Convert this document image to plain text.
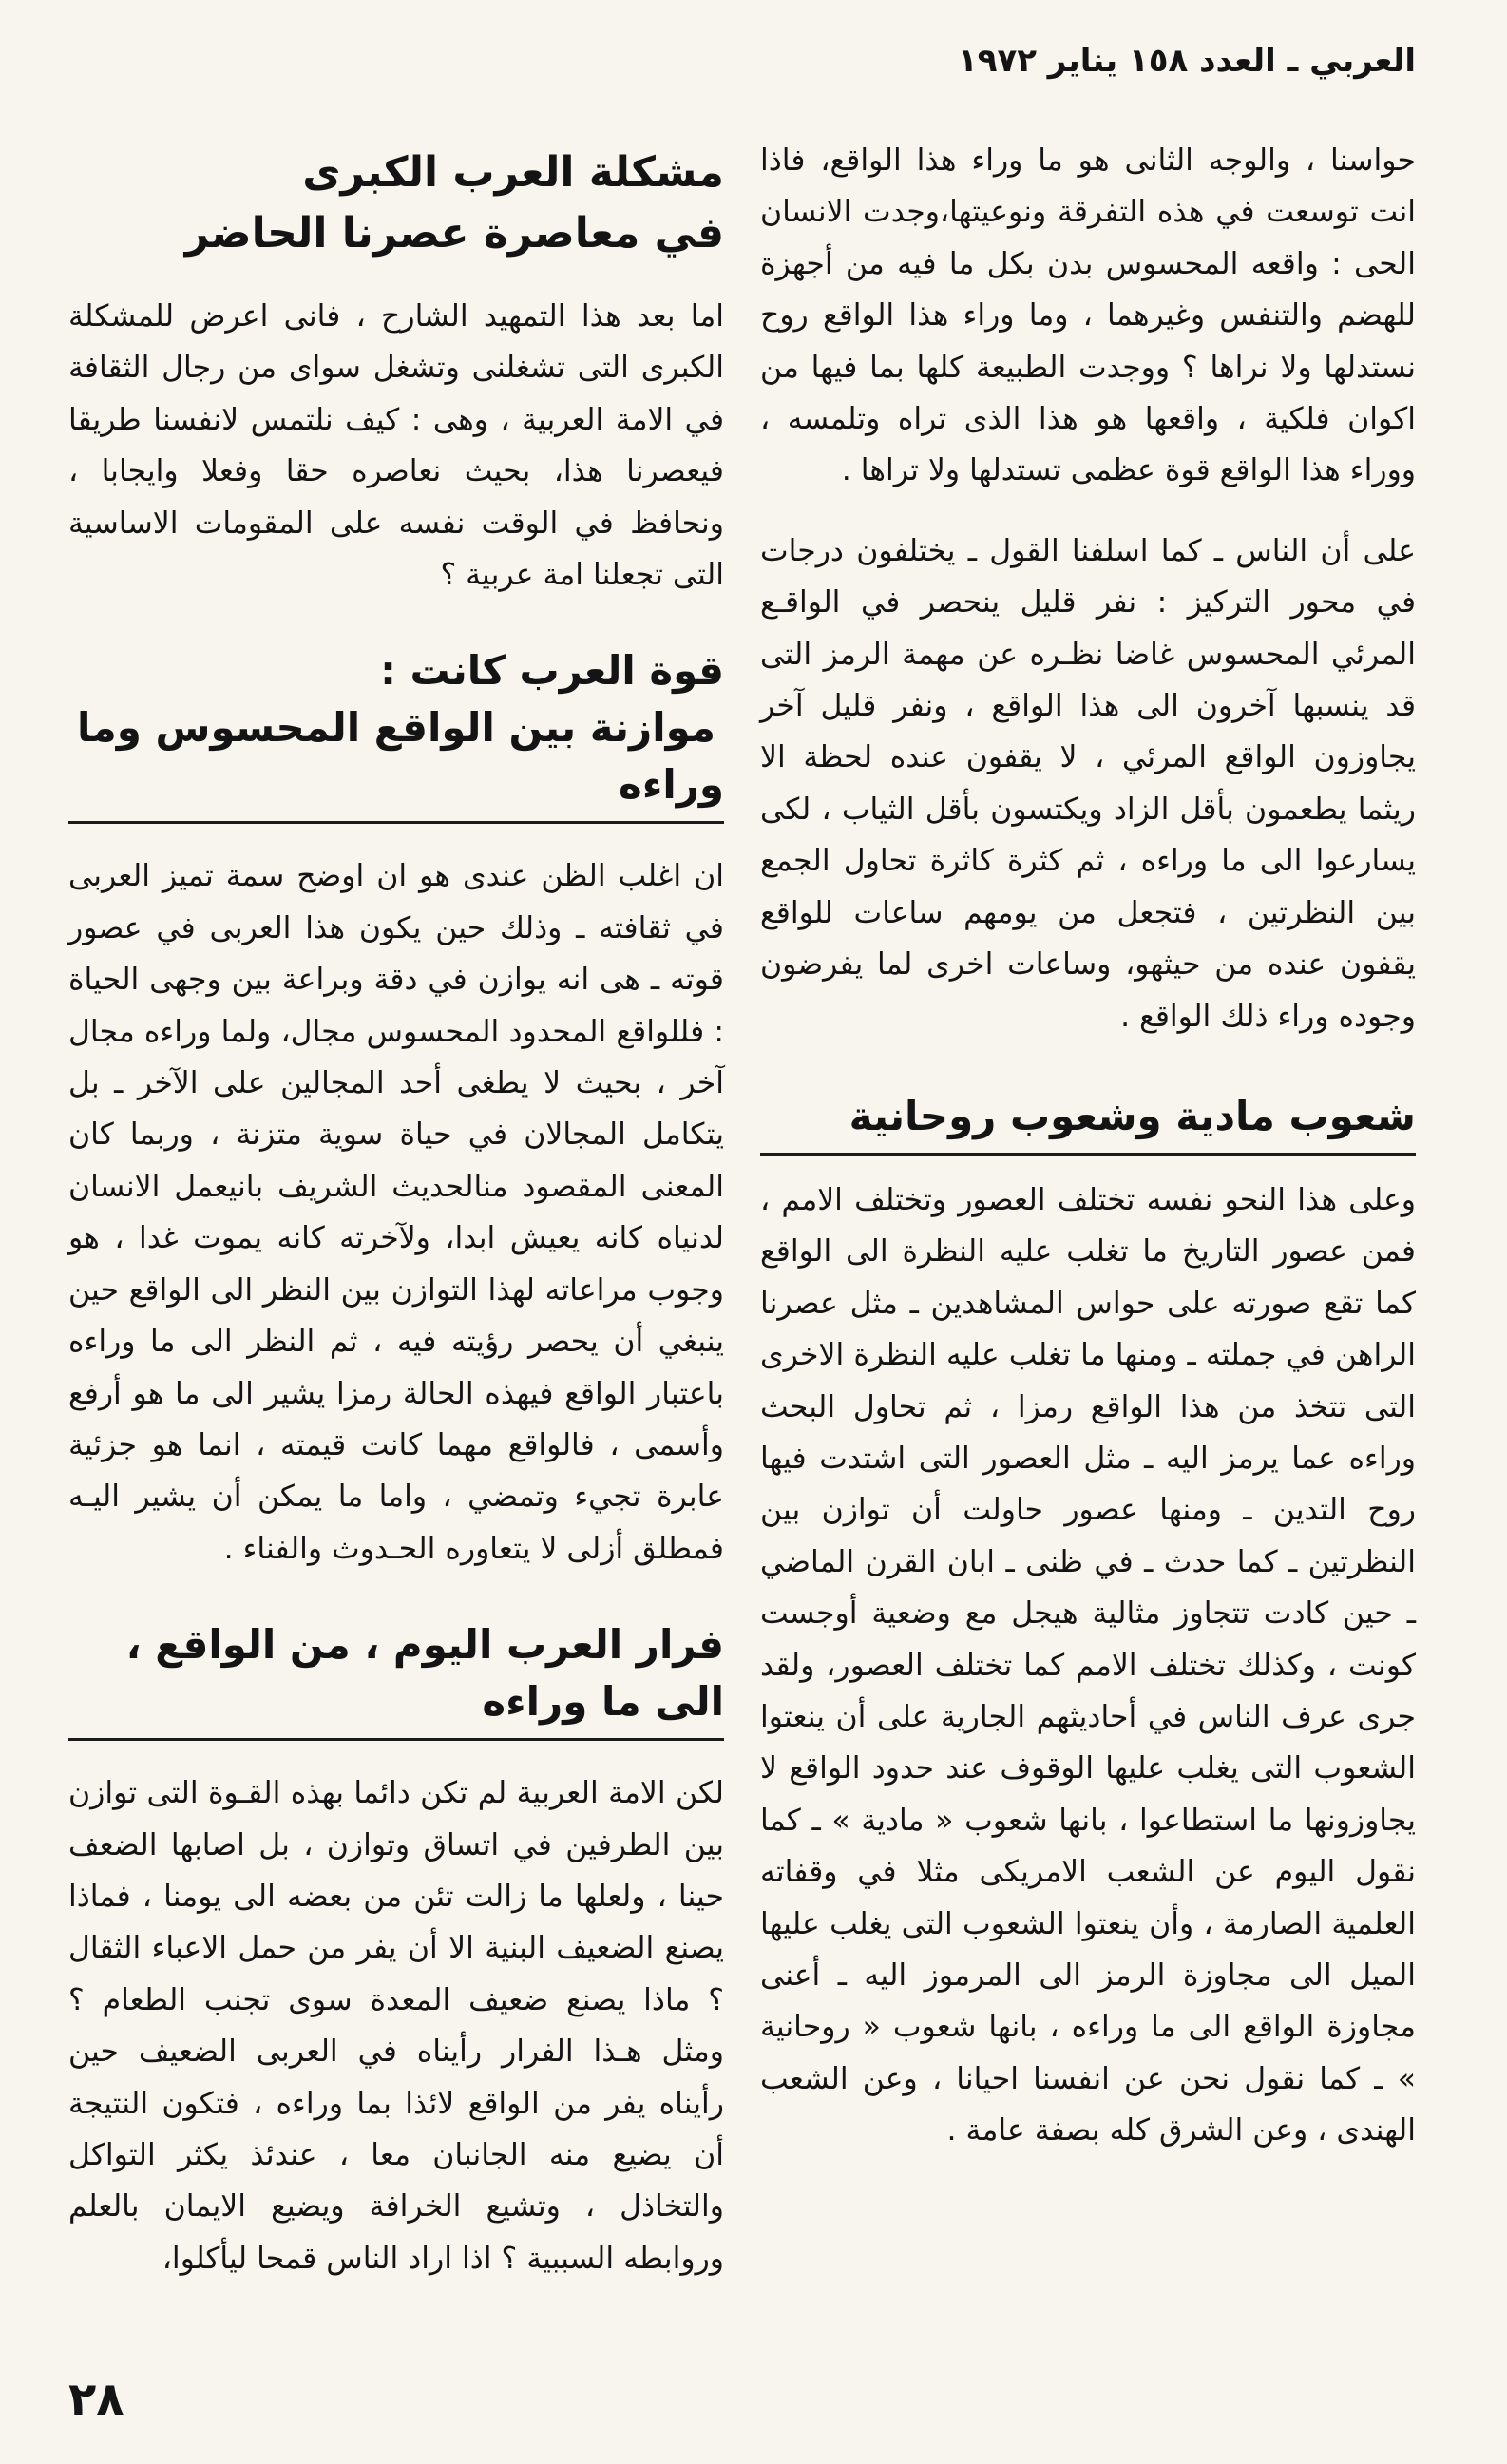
العربي ـ العدد ١٥٨ يناير ١٩٧٢

حواسنا ، والوجه الثانى هو ما وراء هذا الواقع، فاذا انت توسعت في هذه التفرقة ونوعيتها،وجدت الانسان الحى : واقعه المحسوس بدن بكل ما فيه من أجهزة للهضم والتنفس وغيرهما ، وما وراء هذا الواقع روح نستدلها ولا نراها ؟ ووجدت الطبيعة كلها بما فيها من اكوان فلكية ، واقعها هو هذا الذى تراه وتلمسه ، ووراء هذا الواقع قوة عظمى تستدلها ولا تراها .

على أن الناس ـ كما اسلفنا القول ـ يختلفون درجات في محور التركيز : نفر قليل ينحصر في الواقـع المرئي المحسوس غاضا نظـره عن مهمة الرمز التى قد ينسبها آخرون الى هذا الواقع ، ونفر قليل آخر يجاوزون الواقع المرئي ، لا يقفون عنده لحظة الا ريثما يطعمون بأقل الزاد ويكتسون بأقل الثياب ، لكى يسارعوا الى ما وراءه ، ثم كثرة كاثرة تحاول الجمع بين النظرتين ، فتجعل من يومهم ساعات للواقع يقفون عنده من حيثهو، وساعات اخرى لما يفرضون وجوده وراء ذلك الواقع .

شعوب مادية وشعوب روحانية

وعلى هذا النحو نفسه تختلف العصور وتختلف الامم ، فمن عصور التاريخ ما تغلب عليه النظرة الى الواقع كما تقع صورته على حواس المشاهدين ـ مثل عصرنا الراهن في جملته ـ ومنها ما تغلب عليه النظرة الاخرى التى تتخذ من هذا الواقع رمزا ، ثم تحاول البحث وراءه عما يرمز اليه ـ مثل العصور التى اشتدت فيها روح التدين ـ ومنها عصور حاولت أن توازن بين النظرتين ـ كما حدث ـ في ظنى ـ ابان القرن الماضي ـ حين كادت تتجاوز مثالية هيجل مع وضعية أوجست كونت ، وكذلك تختلف الامم كما تختلف العصور، ولقد جرى عرف الناس في أحاديثهم الجارية على أن ينعتوا الشعوب التى يغلب عليها الوقوف عند حدود الواقع لا يجاوزونها ما استطاعوا ، بانها شعوب « مادية » ـ كما نقول اليوم عن الشعب الامريكى مثلا في وقفاته العلمية الصارمة ، وأن ينعتوا الشعوب التى يغلب عليها الميل الى مجاوزة الرمز الى المرموز اليه ـ أعنى مجاوزة الواقع الى ما وراءه ، بانها شعوب « روحانية » ـ كما نقول نحن عن انفسنا احيانا ، وعن الشعب الهندى ، وعن الشرق كله بصفة عامة .

مشكلة العرب الكبرى

في معاصرة عصرنا الحاضر

اما بعد هذا التمهيد الشارح ، فانى اعرض للمشكلة الكبرى التى تشغلنى وتشغل سواى من رجال الثقافة في الامة العربية ، وهى : كيف نلتمس لانفسنا طريقا فيعصرنا هذا، بحيث نعاصره حقا وفعلا وايجابا ، ونحافظ في الوقت نفسه على المقومات الاساسية التى تجعلنا امة عربية ؟

قوة العرب كانت :

موازنة بين الواقع المحسوس وما وراءه

ان اغلب الظن عندى هو ان اوضح سمة تميز العربى في ثقافته ـ وذلك حين يكون هذا العربى في عصور قوته ـ هى انه يوازن في دقة وبراعة بين وجهى الحياة : فللواقع المحدود المحسوس مجال، ولما وراءه مجال آخر ، بحيث لا يطغى أحد المجالين على الآخر ـ بل يتكامل المجالان في حياة سوية متزنة ، وربما كان المعنى المقصود منالحديث الشريف بانيعمل الانسان لدنياه كانه يعيش ابدا، ولآخرته كانه يموت غدا ، هو وجوب مراعاته لهذا التوازن بين النظر الى الواقع حين ينبغي أن يحصر رؤيته فيه ، ثم النظر الى ما وراءه باعتبار الواقع فيهذه الحالة رمزا يشير الى ما هو أرفع وأسمى ، فالواقع مهما كانت قيمته ، انما هو جزئية عابرة تجيء وتمضي ، واما ما يمكن أن يشير اليـه فمطلق أزلى لا يتعاوره الحـدوث والفناء .

فرار العرب اليوم ، من الواقع ،

الى ما وراءه

لكن الامة العربية لم تكن دائما بهذه القـوة التى توازن بين الطرفين في اتساق وتوازن ، بل اصابها الضعف حينا ، ولعلها ما زالت تئن من بعضه الى يومنا ، فماذا يصنع الضعيف البنية الا أن يفر من حمل الاعباء الثقال ؟ ماذا يصنع ضعيف المعدة سوى تجنب الطعام ؟ ومثل هـذا الفرار رأيناه في العربى الضعيف حين رأيناه يفر من الواقع لائذا بما وراءه ، فتكون النتيجة أن يضيع منه الجانبان معا ، عندئذ يكثر التواكل والتخاذل ، وتشيع الخرافة ويضيع الايمان بالعلم وروابطه السببية ؟ اذا اراد الناس قمحا ليأكلوا،

٢٨
